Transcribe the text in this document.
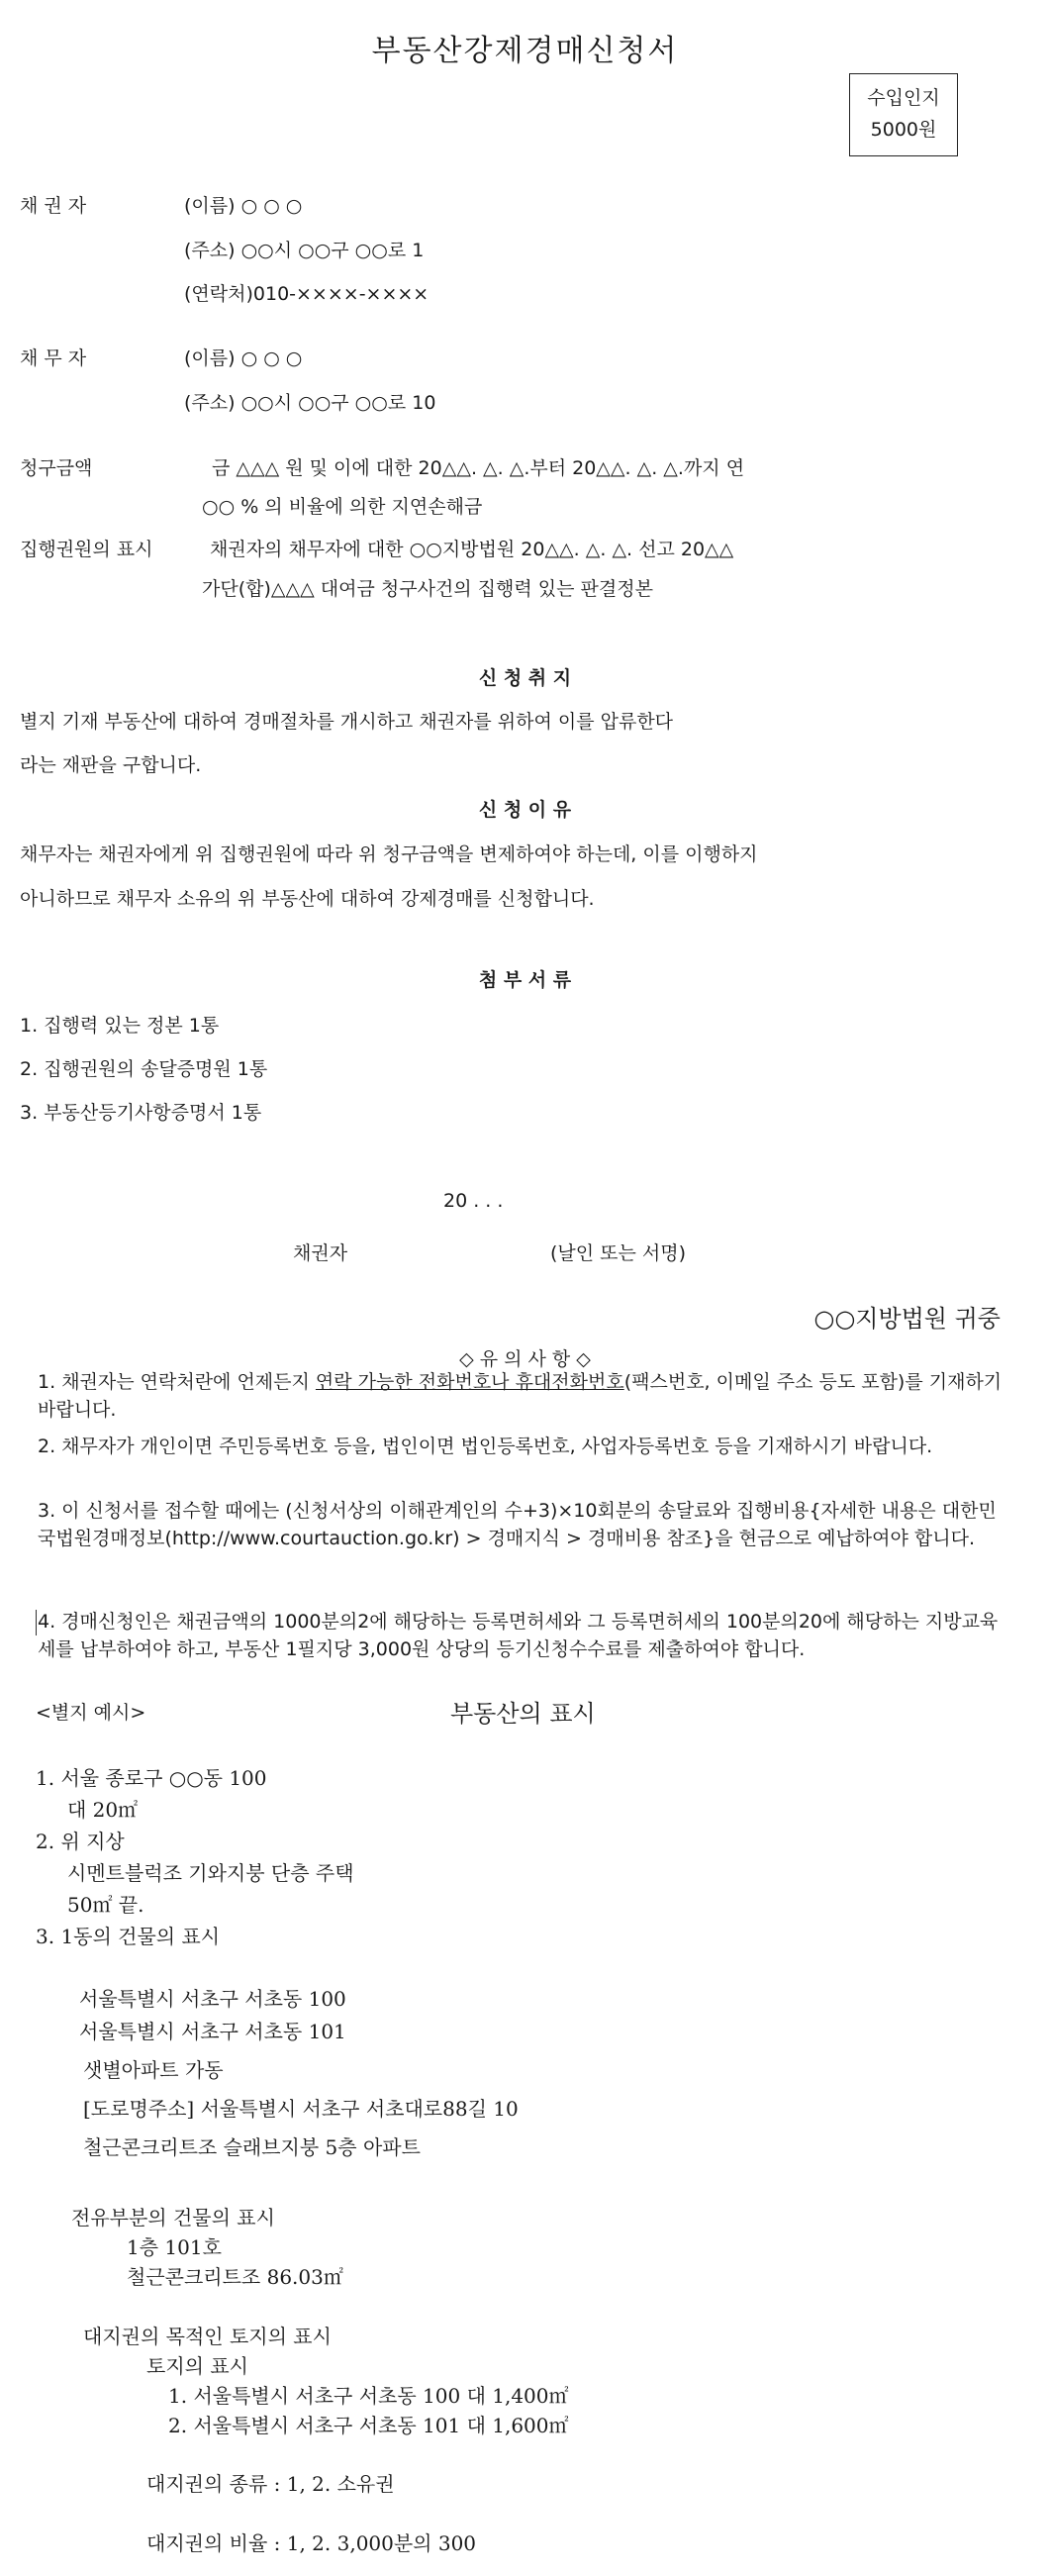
부동산강제경매신청서
수입인지
5000원
채 권 자	(이름) ○ ○ ○
(주소) ○○시 ○○구 ○○로 1
(연락처)010-××××-××××
채 무 자	(이름) ○ ○ ○
(주소) ○○시 ○○구 ○○로 10
청구금액	금 △△△ 원 및 이에 대한 20△△. △. △.부터 20△△. △. △.까지 연
○○ % 의 비율에 의한 지연손해금
집행권원의 표시	채권자의 채무자에 대한 ○○지방법원 20△△. △. △. 선고 20△△
가단(합)△△△ 대여금 청구사건의 집행력 있는 판결정본
신 청 취 지
별지 기재 부동산에 대하여 경매절차를 개시하고 채권자를 위하여 이를 압류한다
라는 재판을 구합니다.
신 청 이 유
채무자는 채권자에게 위 집행권원에 따라 위 청구금액을 변제하여야 하는데, 이를 이행하지
아니하므로 채무자 소유의 위 부동산에 대하여 강제경매를 신청합니다.
첨 부 서 류
1. 집행력 있는 정본 1통
2. 집행권원의 송달증명원 1통
3. 부동산등기사항증명서 1통
20 . . .
채권자	(날인 또는 서명)
○○지방법원 귀중
◇ 유 의 사 항 ◇
1. 채권자는 연락처란에 언제든지 연락 가능한 전화번호나 휴대전화번호(팩스번호, 이메일 주소 등도 포함)를 기재하기 바랍니다.
2. 채무자가 개인이면 주민등록번호 등을, 법인이면 법인등록번호, 사업자등록번호 등을 기재하시기 바랍니다.
3. 이 신청서를 접수할 때에는 (신청서상의 이해관계인의 수+3)×10회분의 송달료와 집행비용{자세한 내용은 대한민국법원경매정보(http://www.courtauction.go.kr) > 경매지식 > 경매비용 참조}을 현금으로 예납하여야 합니다.
4. 경매신청인은 채권금액의 1000분의2에 해당하는 등록면허세와 그 등록면허세의 100분의20에 해당하는 지방교육세를 납부하여야 하고, 부동산 1필지당 3,000원 상당의 등기신청수수료를 제출하여야 합니다.
<별지 예시>	부동산의 표시
1. 서울 종로구 ○○동 100
대 20㎡
2. 위 지상
시멘트블럭조 기와지붕 단층 주택
50㎡ 끝.
3. 1동의 건물의 표시
서울특별시 서초구 서초동 100
서울특별시 서초구 서초동 101
샛별아파트 가동
[도로명주소] 서울특별시 서초구 서초대로88길 10
철근콘크리트조 슬래브지붕 5층 아파트
전유부분의 건물의 표시
1층 101호
철근콘크리트조 86.03㎡
대지권의 목적인 토지의 표시
토지의 표시
1. 서울특별시 서초구 서초동 100 대 1,400㎡
2. 서울특별시 서초구 서초동 101 대 1,600㎡
대지권의 종류 : 1, 2. 소유권
대지권의 비율 : 1, 2. 3,000분의 300
